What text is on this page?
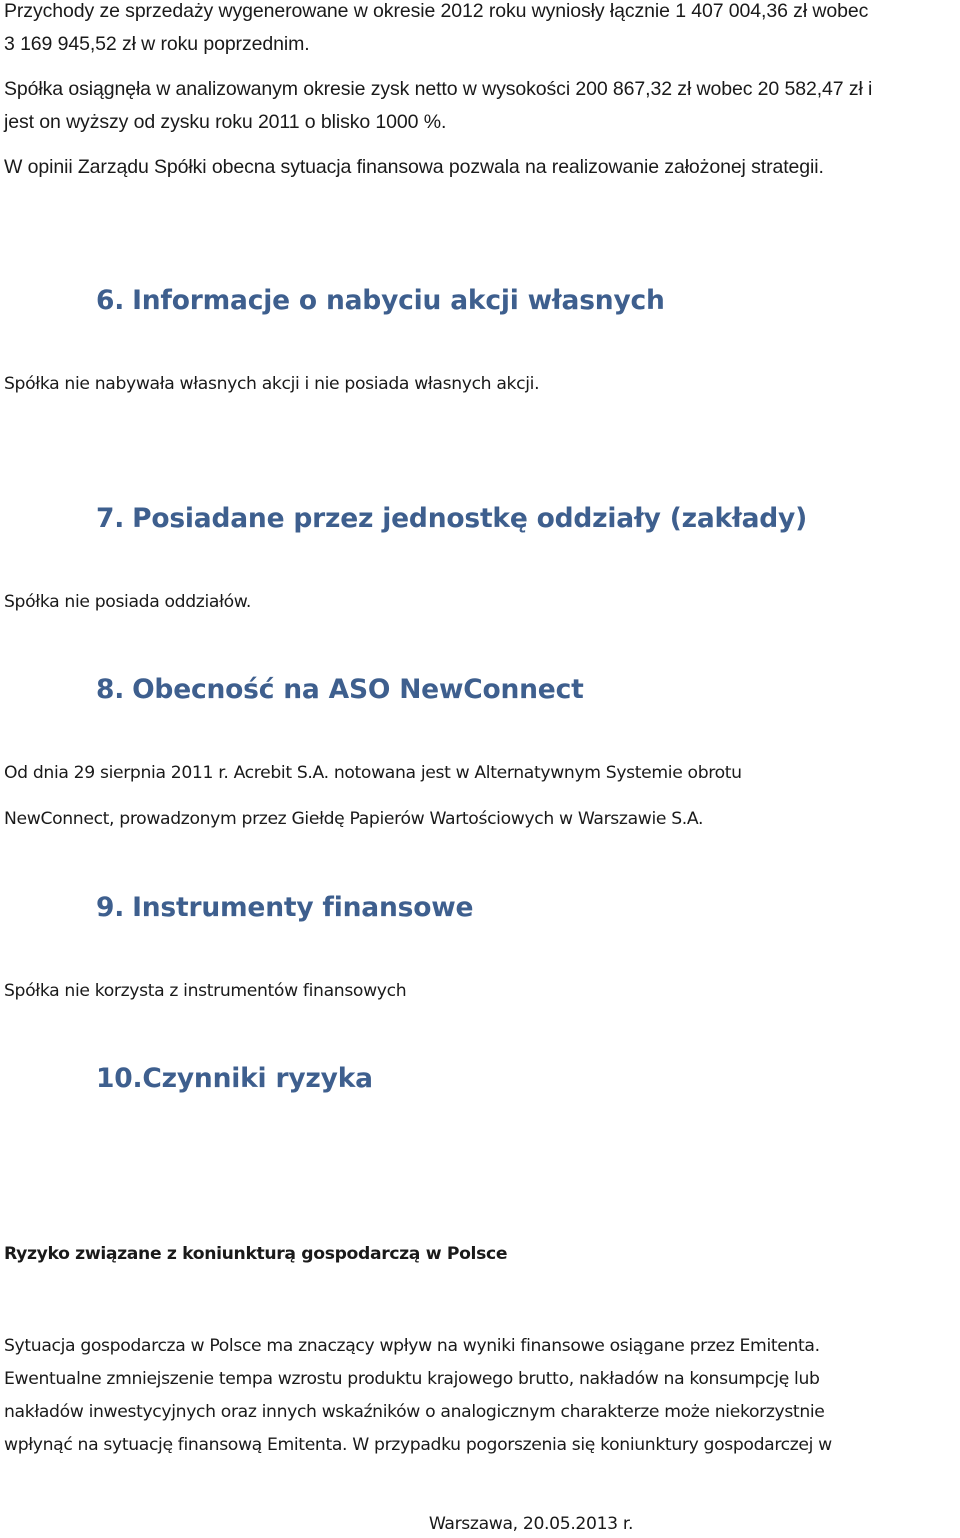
Przychody ze sprzedaży wygenerowane w okresie 2012 roku wyniosły łącznie 1 407 004,36 zł wobec

3 169 945,52 zł w roku poprzednim.

Spółka osiągnęła w analizowanym okresie zysk netto w wysokości 200 867,32 zł wobec 20 582,47 zł i

jest on wyższy od zysku roku 2011 o blisko 1000 %.

W opinii Zarządu Spółki obecna sytuacja finansowa pozwala na realizowanie założonej strategii.

6. Informacje o nabyciu akcji własnych

Spółka nie nabywała własnych akcji i nie posiada własnych akcji.

7. Posiadane przez jednostkę oddziały (zakłady)

Spółka nie posiada oddziałów.

8. Obecność na ASO NewConnect

Od dnia 29 sierpnia 2011 r. Acrebit S.A. notowana jest w Alternatywnym Systemie obrotu

NewConnect, prowadzonym przez Giełdę Papierów Wartościowych w Warszawie S.A.

9. Instrumenty finansowe

Spółka nie korzysta z instrumentów finansowych

10.Czynniki ryzyka

Ryzyko związane z koniunkturą gospodarczą w Polsce

Sytuacja gospodarcza w Polsce ma znaczący wpływ na wyniki finansowe osiągane przez Emitenta.

Ewentualne zmniejszenie tempa wzrostu produktu krajowego brutto, nakładów na konsumpcję lub

nakładów inwestycyjnych oraz innych wskaźników o analogicznym charakterze może niekorzystnie

wpłynąć na sytuację finansową Emitenta. W przypadku pogorszenia się koniunktury gospodarczej w

Warszawa, 20.05.2013 r.
